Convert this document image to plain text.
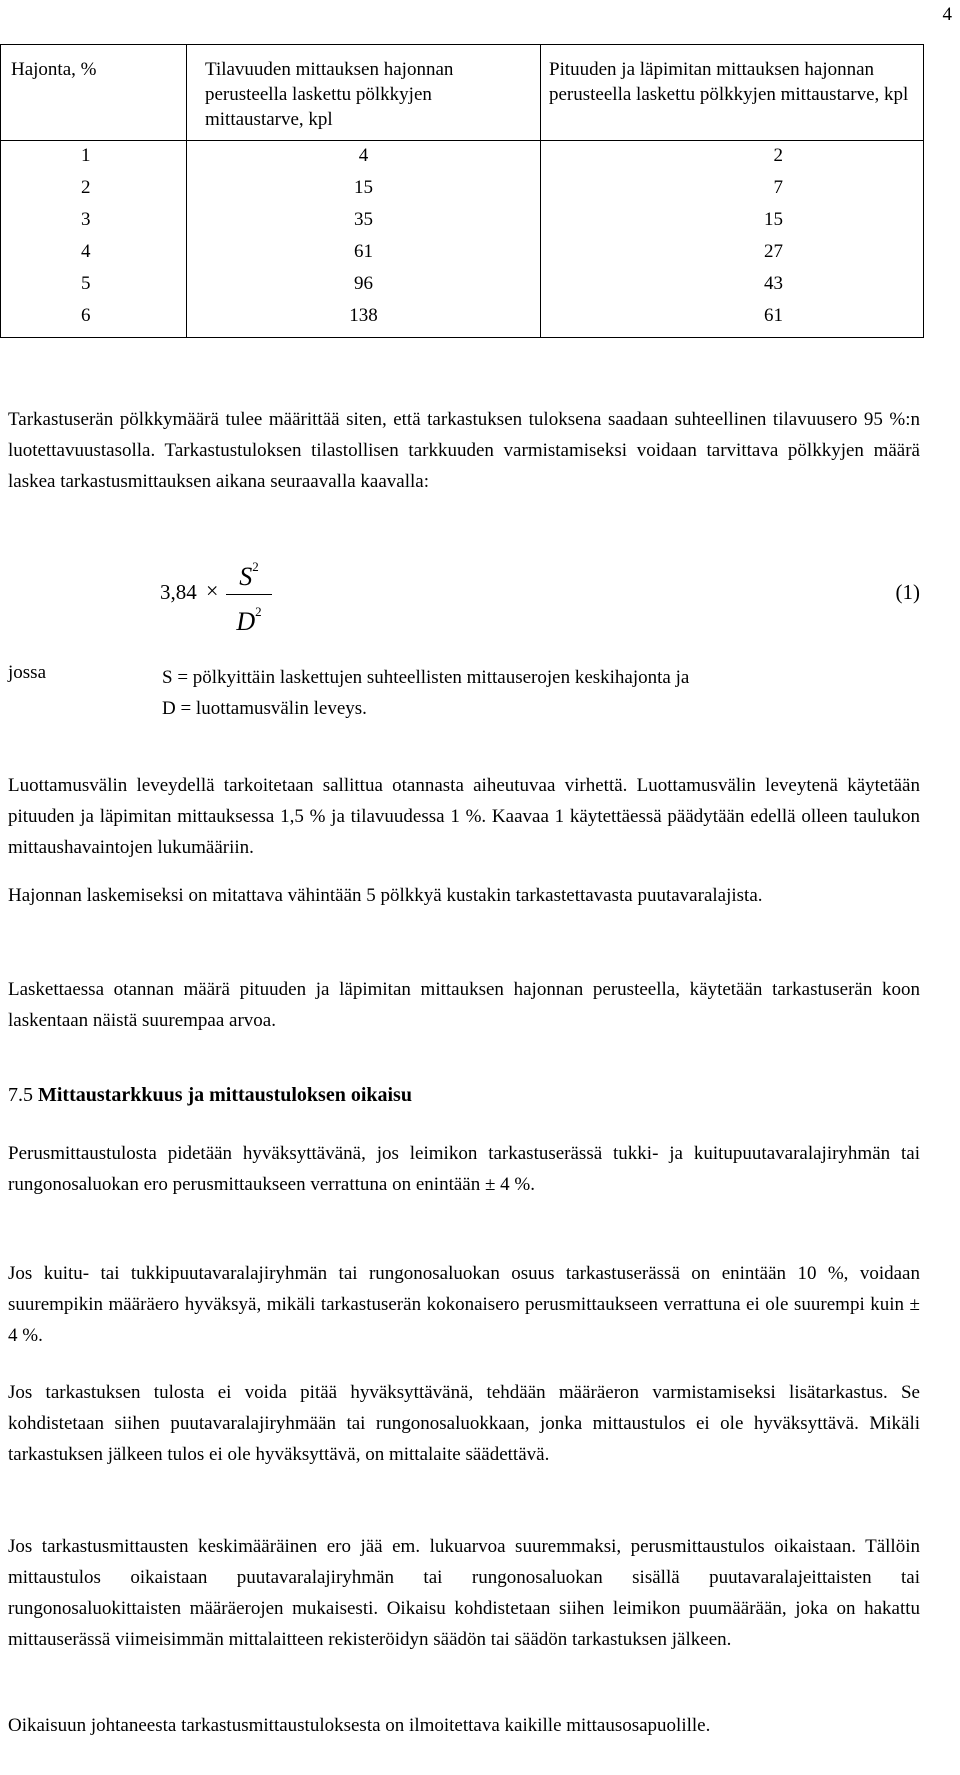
4
Hajonta, %	Tilavuuden mittauksen hajonnan perusteella laskettu pölkkyjen mittaustarve, kpl	Pituuden ja läpimitan mittauksen hajonnan perusteella laskettu pölkkyjen mittaustarve, kpl
1	4	2
2	15	7
3	35	15
4	61	27
5	96	43
6	138	61

Tarkastuserän pölkkymäärä tulee määrittää siten, että tarkastuksen tuloksena saadaan suhteellinen tilavuusero 95 %:n luotettavuustasolla. Tarkastustuloksen tilastollisen tarkkuuden varmistamiseksi voidaan tarvittava pölkkyjen määrä laskea tarkastusmittauksen aikana seuraavalla kaavalla:

$3,84 \times S^2$
$D^2$
(1)
jossa	S = pölkyittäin laskettujen suhteellisten mittauserojen keskihajonta ja
D = luottamusvälin leveys.

Luottamusvälin leveydellä tarkoitetaan sallittua otannasta aiheutuvaa virhettä. Luottamusvälin leveytenä käytetään pituuden ja läpimitan mittauksessa 1,5 % ja tilavuudessa 1 %. Kaavaa 1 käytettäessä päädytään edellä olleen taulukon mittaushavaintojen lukumääriin.

Hajonnan laskemiseksi on mitattava vähintään 5 pölkkyä kustakin tarkastettavasta puutavaralajista.

Laskettaessa otannan määrä pituuden ja läpimitan mittauksen hajonnan perusteella, käytetään tarkastuserän koon laskentaan näistä suurempaa arvoa.

7.5 Mittaustarkkuus ja mittaustuloksen oikaisu

Perusmittaustulosta pidetään hyväksyttävänä, jos leimikon tarkastuserässä tukki- ja kuitupuutavaralajiryhmän tai rungonosaluokan ero perusmittaukseen verrattuna on enintään ± 4 %.

Jos kuitu- tai tukkipuutavaralajiryhmän tai rungonosaluokan osuus tarkastuserässä on enintään 10 %, voidaan suurempikin määräero hyväksyä, mikäli tarkastuserän kokonaisero perusmittaukseen verrattuna ei ole suurempi kuin ± 4 %.

Jos tarkastuksen tulosta ei voida pitää hyväksyttävänä, tehdään määräeron varmistamiseksi lisätarkastus. Se kohdistetaan siihen puutavaralajiryhmään tai rungonosaluokkaan, jonka mittaustulos ei ole hyväksyttävä. Mikäli tarkastuksen jälkeen tulos ei ole hyväksyttävä, on mittalaite säädettävä.

Jos tarkastusmittausten keskimääräinen ero jää em. lukuarvoa suuremmaksi, perusmittaustulos oikaistaan. Tällöin mittaustulos oikaistaan puutavaralajiryhmän tai rungonosaluokan sisällä puutavaralajeittaisten tai rungonosaluokittaisten määräerojen mukaisesti. Oikaisu kohdistetaan siihen leimikon puumäärään, joka on hakattu mittauserässä viimeisimmän mittalaitteen rekisteröidyn säädön tai säädön tarkastuksen jälkeen.

Oikaisuun johtaneesta tarkastusmittaustuloksesta on ilmoitettava kaikille mittausosapuolille.
